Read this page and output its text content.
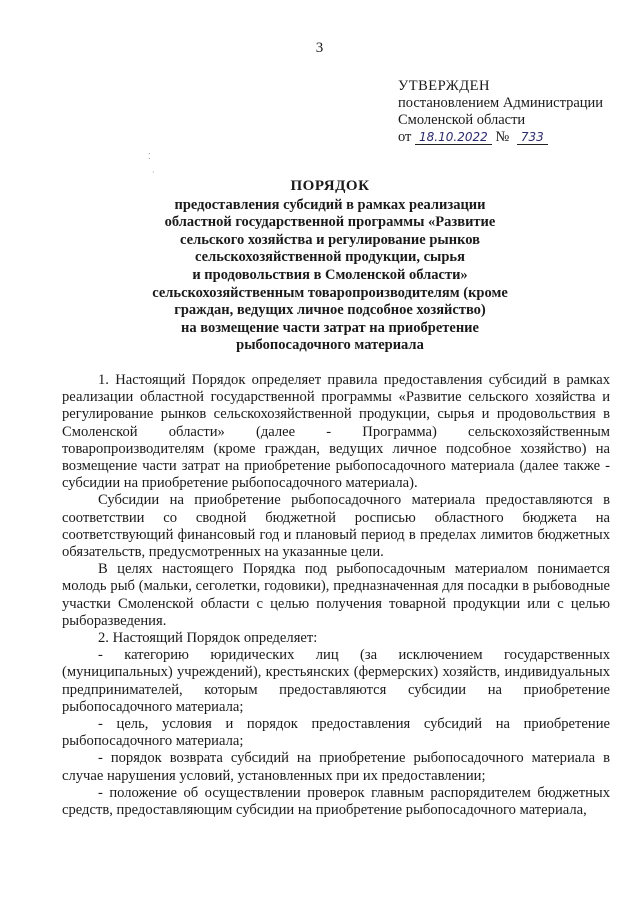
3
УТВЕРЖДЕН
постановлением Администрации
Смоленской области
от 18.10.2022 № 733
⁚
·
ПОРЯДОК
предоставления субсидий в рамках реализации
областной государственной программы «Развитие
сельского хозяйства и регулирование рынков
сельскохозяйственной продукции, сырья
и продовольствия в Смоленской области»
сельскохозяйственным товаропроизводителям (кроме
граждан, ведущих личное подсобное хозяйство)
на возмещение части затрат на приобретение
рыбопосадочного материала

1. Настоящий Порядок определяет правила предоставления субсидий в рамках реализации областной государственной программы «Развитие сельского хозяйства и регулирование рынков сельскохозяйственной продукции, сырья и продовольствия в Смоленской области» (далее - Программа) сельскохозяйственным товаропроизводителям (кроме граждан, ведущих личное подсобное хозяйство) на возмещение части затрат на приобретение рыбопосадочного материала (далее также - субсидии на приобретение рыбопосадочного материала).

Субсидии на приобретение рыбопосадочного материала предоставляются в соответствии со сводной бюджетной росписью областного бюджета на соответствующий финансовый год и плановый период в пределах лимитов бюджетных обязательств, предусмотренных на указанные цели.

В целях настоящего Порядка под рыбопосадочным материалом понимается молодь рыб (мальки, сеголетки, годовики), предназначенная для посадки в рыбоводные участки Смоленской области с целью получения товарной продукции или с целью рыборазведения.

2. Настоящий Порядок определяет:

- категорию юридических лиц (за исключением государственных (муниципальных) учреждений), крестьянских (фермерских) хозяйств, индивидуальных предпринимателей, которым предоставляются субсидии на приобретение рыбопосадочного материала;

- цель, условия и порядок предоставления субсидий на приобретение рыбопосадочного материала;

- порядок возврата субсидий на приобретение рыбопосадочного материала в случае нарушения условий, установленных при их предоставлении;

- положение об осуществлении проверок главным распорядителем бюджетных средств, предоставляющим субсидии на приобретение рыбопосадочного материала,
